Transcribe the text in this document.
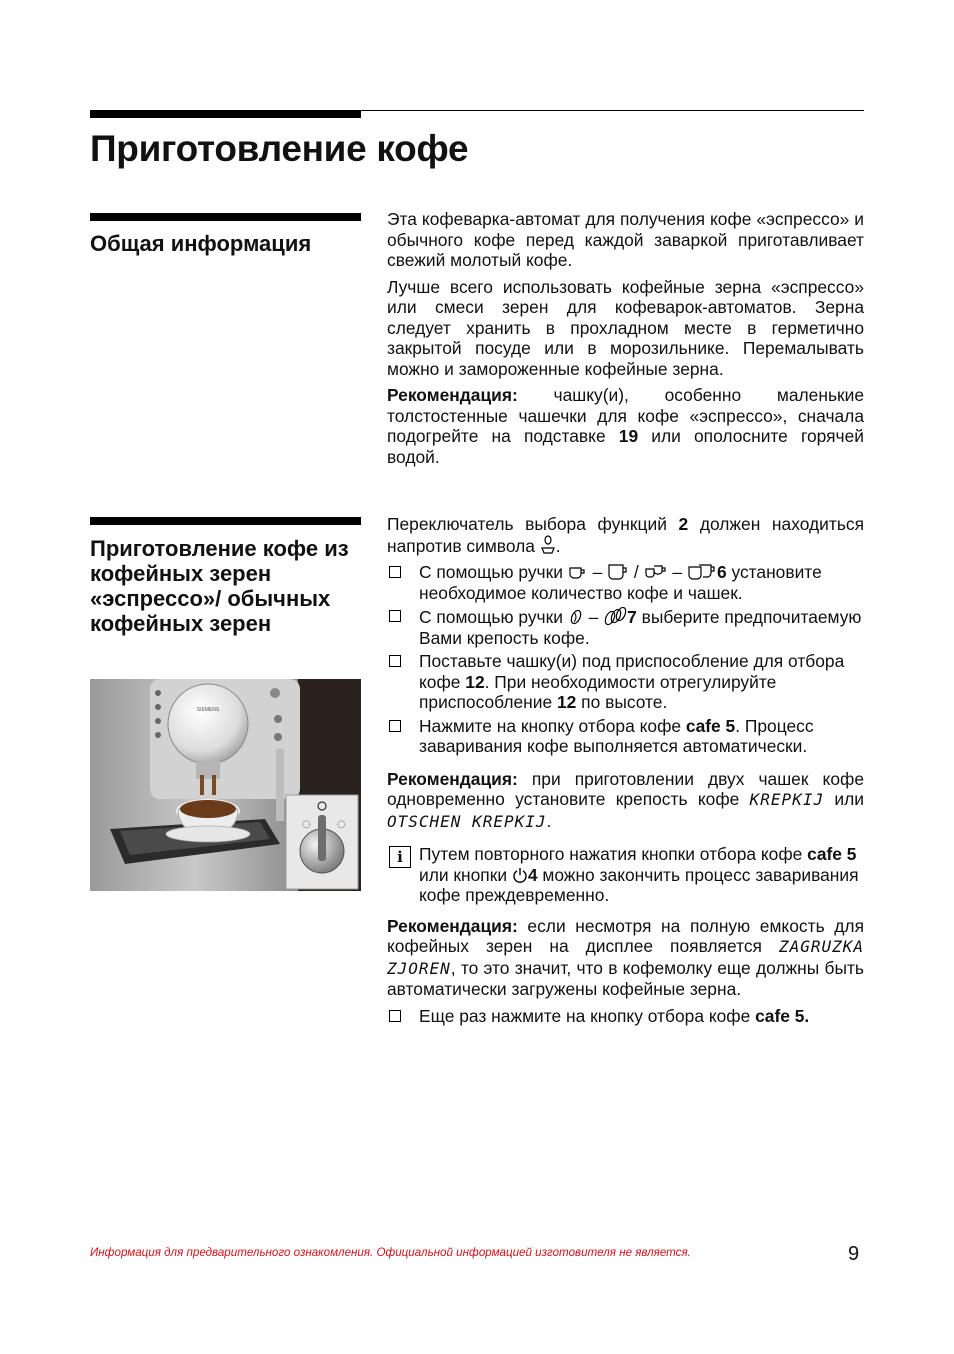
Приготовление кофе
Общая информация

Эта кофеварка-автомат для получения кофе «эспрессо» и обычного кофе перед каждой заваркой приготавливает свежий молотый кофе.

Лучше всего использовать кофейные зерна «эспрессо» или смеси зерен для кофеварок-автоматов. Зерна следует хранить в прохладном месте в герметично закрытой посуде или в морозильнике. Перемалывать можно и замороженные кофейные зерна.

Рекомендация: чашку(и), особенно маленькие толстостенные чашечки для кофе «эспрессо», сначала подогрейте на подставке 19 или ополосните горячей водой.

Приготовление кофе из кофейных зерен «эспрессо»/ обычных кофейных зерен

Переключатель выбора функций 2 должен находиться напротив символа .

С помощью ручки  –  /  – 6 установите необходимое количество кофе и чашек.
С помощью ручки  – 7 выберите предпочитаемую Вами крепость кофе.
Поставьте чашку(и) под приспособление для отбора кофе 12. При необходимости отрегулируйте приспособление 12 по высоте.
Нажмите на кнопку отбора кофе cafe 5. Процесс заваривания кофе выполняется автоматически.

Рекомендация: при приготовлении двух чашек кофе одновременно установите крепость кофе KREPKIJ или OTSCHEN KREPKIJ.

i Путем повторного нажатия кнопки отбора кофе cafe 5 или кнопки 4 можно закончить процесс заваривания кофе преждевременно.

Рекомендация: если несмотря на полную емкость для кофейных зерен на дисплее появляется ZAGRUZKA ZJOREN, то это значит, что в кофемолку еще должны быть автоматически загружены кофейные зерна.

Еще раз нажмите на кнопку отбора кофе cafe 5.
SIEMENS
◌	◌
Информация для предварительного ознакомления. Официальной информацией изготовителя не является.	9
